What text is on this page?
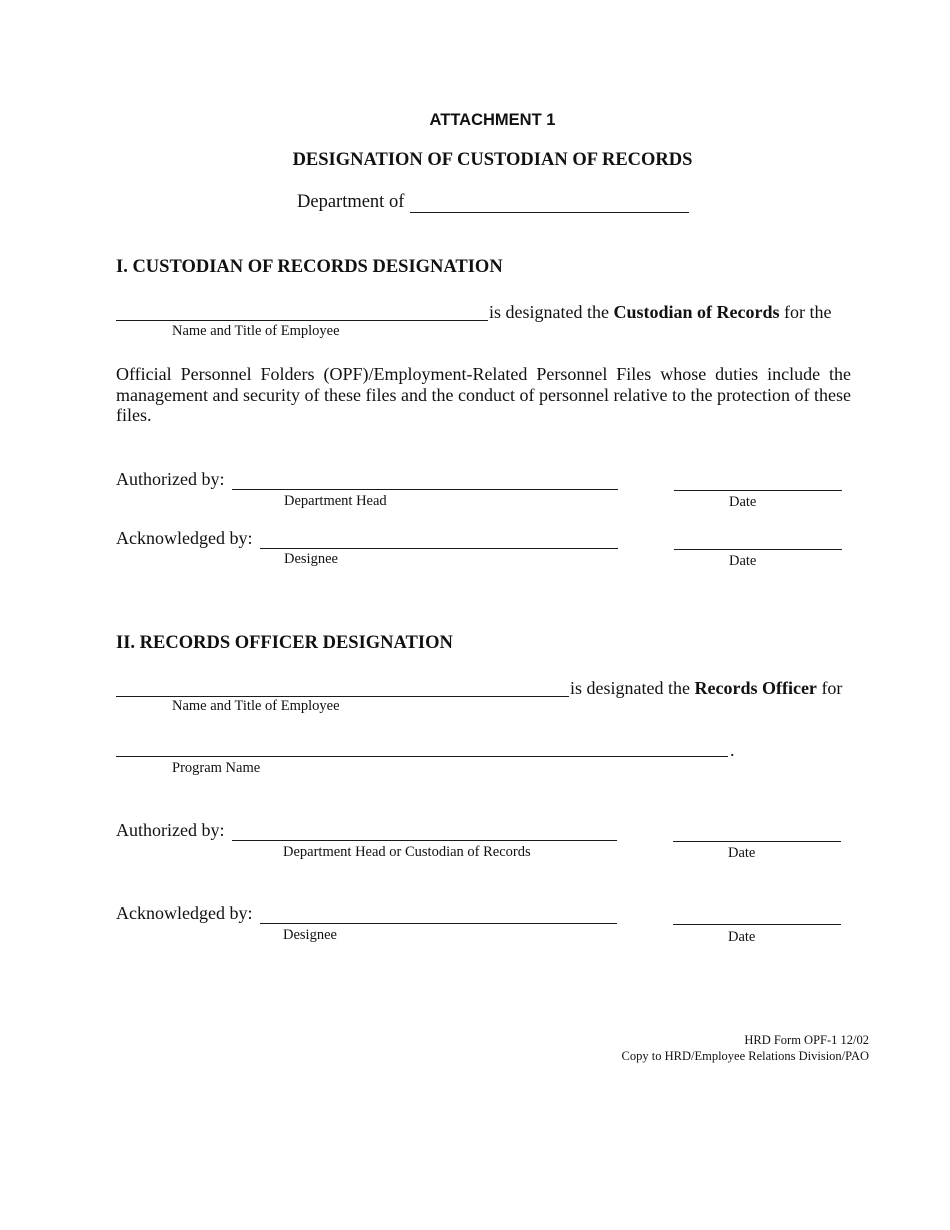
ATTACHMENT 1
DESIGNATION OF CUSTODIAN OF RECORDS
Department of
I. CUSTODIAN OF RECORDS DESIGNATION
is designated the Custodian of Records for the
Name and Title of Employee
Official Personnel Folders (OPF)/Employment-Related Personnel Files whose duties include the management and security of these files and the conduct of personnel relative to the protection of these files.
Authorized by:
Department Head	Date
Acknowledged by:
Designee	Date
II. RECORDS OFFICER DESIGNATION
is designated the Records Officer for
Name and Title of Employee
.
Program Name
Authorized by:
Department Head or Custodian of Records	Date
Acknowledged by:
Designee	Date
HRD Form OPF-1 12/02
Copy to HRD/Employee Relations Division/PAO
